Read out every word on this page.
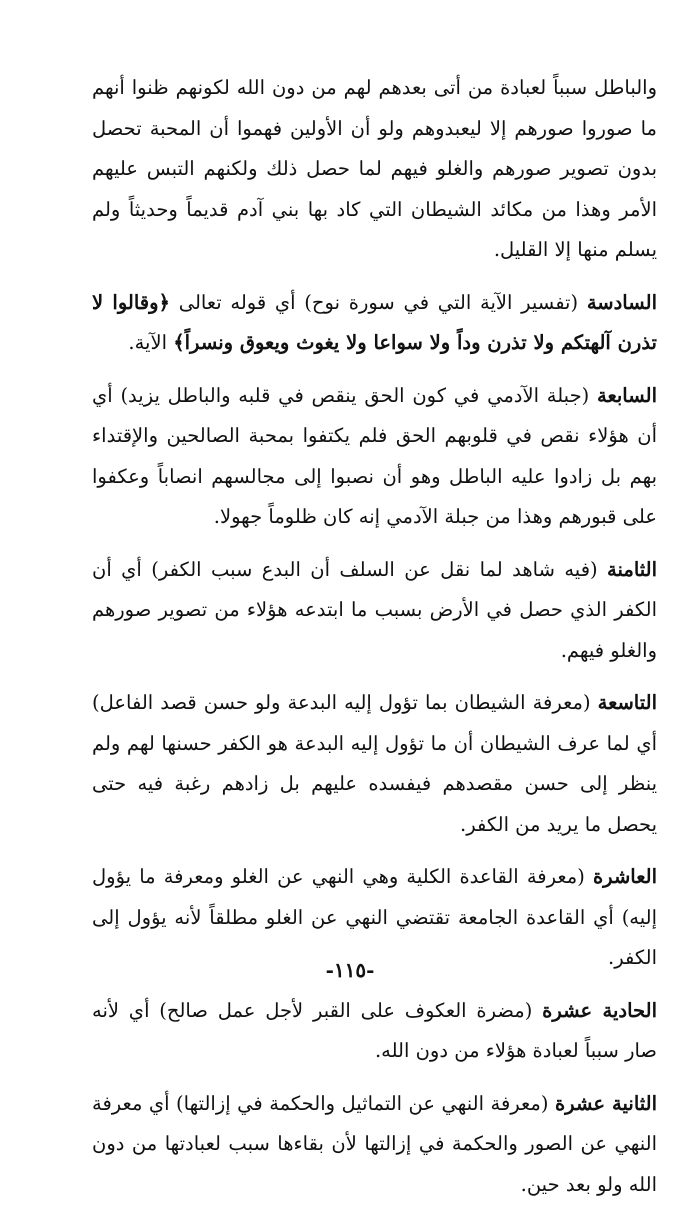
والباطل سبباً لعبادة من أتى بعدهم لهم من دون الله لكونهم ظنوا أنهم ما صوروا صورهم إلا ليعبدوهم ولو أن الأولين فهموا أن المحبة تحصل بدون تصوير صورهم والغلو فيهم لما حصل ذلك ولكنهم التبس عليهم الأمر وهذا من مكائد الشيطان التي كاد بها بني آدم قديماً وحديثاً ولم يسلم منها إلا القليل.

السادسة (تفسير الآية التي في سورة نوح) أي قوله تعالى ﴿وقالوا لا تذرن آلهتكم ولا تذرن وداً ولا سواعا ولا يغوث ويعوق ونسراً﴾ الآية.

السابعة (جبلة الآدمي في كون الحق ينقص في قلبه والباطل يزيد) أي أن هؤلاء نقص في قلوبهم الحق فلم يكتفوا بمحبة الصالحين والإقتداء بهم بل زادوا عليه الباطل وهو أن نصبوا إلى مجالسهم انصاباً وعكفوا على قبورهم وهذا من جبلة الآدمي إنه كان ظلوماً جهولا.

الثامنة (فيه شاهد لما نقل عن السلف أن البدع سبب الكفر) أي أن الكفر الذي حصل في الأرض بسبب ما ابتدعه هؤلاء من تصوير صورهم والغلو فيهم.

التاسعة (معرفة الشيطان بما تؤول إليه البدعة ولو حسن قصد الفاعل) أي لما عرف الشيطان أن ما تؤول إليه البدعة هو الكفر حسنها لهم ولم ينظر إلى حسن مقصدهم فيفسده عليهم بل زادهم رغبة فيه حتى يحصل ما يريد من الكفر.

العاشرة (معرفة القاعدة الكلية وهي النهي عن الغلو ومعرفة ما يؤول إليه) أي القاعدة الجامعة تقتضي النهي عن الغلو مطلقاً لأنه يؤول إلى الكفر.

الحادية عشرة (مضرة العكوف على القبر لأجل عمل صالح) أي لأنه صار سبباً لعبادة هؤلاء من دون الله.

الثانية عشرة (معرفة النهي عن التماثيل والحكمة في إزالتها) أي معرفة النهي عن الصور والحكمة في إزالتها لأن بقاءها سبب لعبادتها من دون الله ولو بعد حين.

-١١٥-
